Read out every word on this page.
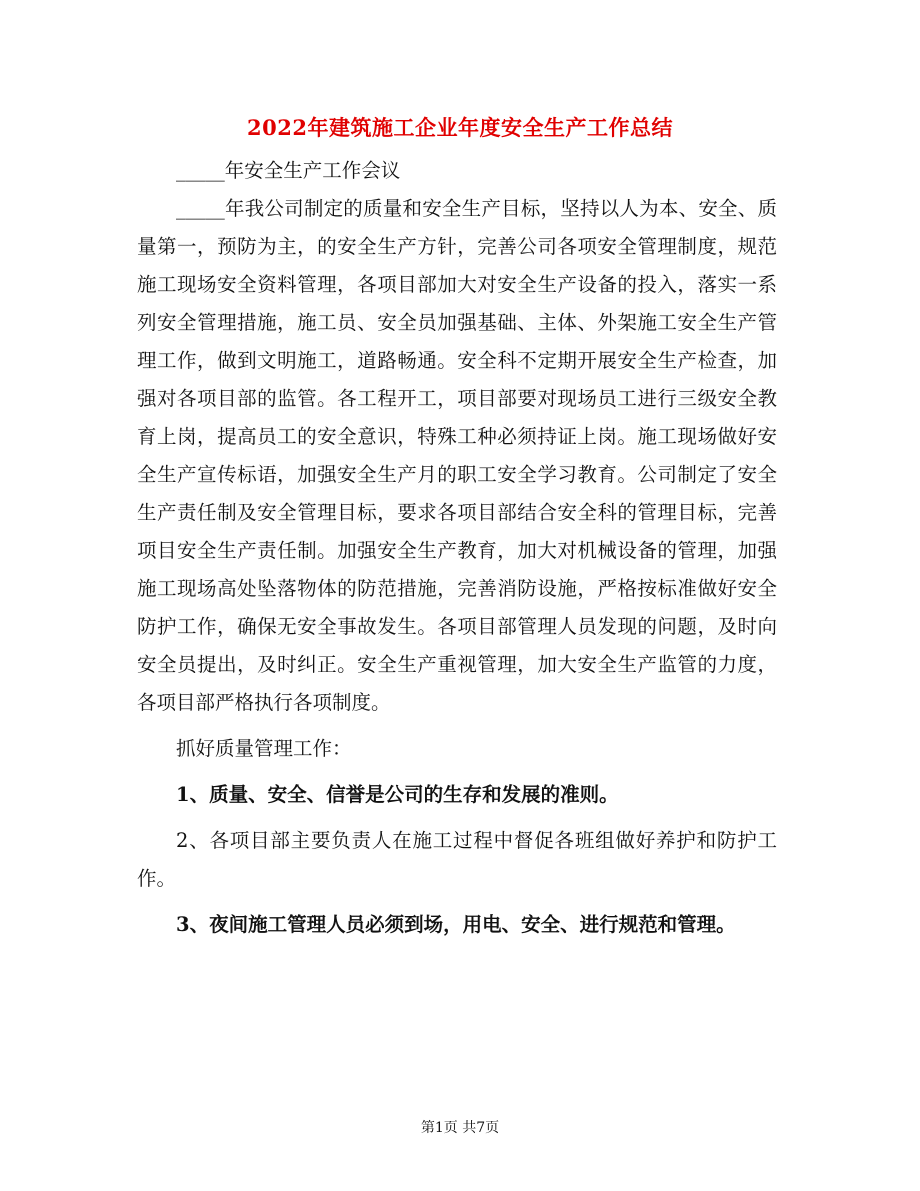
2022年建筑施工企业年度安全生产工作总结

_____年安全生产工作会议

_____年我公司制定的质量和安全生产目标，坚持以人为本、安全、质量第一，预防为主，的安全生产方针，完善公司各项安全管理制度，规范施工现场安全资料管理，各项目部加大对安全生产设备的投入，落实一系列安全管理措施，施工员、安全员加强基础、主体、外架施工安全生产管理工作，做到文明施工，道路畅通。安全科不定期开展安全生产检查，加强对各项目部的监管。各工程开工，项目部要对现场员工进行三级安全教育上岗，提高员工的安全意识，特殊工种必须持证上岗。施工现场做好安全生产宣传标语，加强安全生产月的职工安全学习教育。公司制定了安全生产责任制及安全管理目标，要求各项目部结合安全科的管理目标，完善项目安全生产责任制。加强安全生产教育，加大对机械设备的管理，加强施工现场高处坠落物体的防范措施，完善消防设施，严格按标准做好安全防护工作，确保无安全事故发生。各项目部管理人员发现的问题，及时向安全员提出，及时纠正。安全生产重视管理，加大安全生产监管的力度，各项目部严格执行各项制度。

抓好质量管理工作：

1、质量、安全、信誉是公司的生存和发展的准则。

2、各项目部主要负责人在施工过程中督促各班组做好养护和防护工作。

3、夜间施工管理人员必须到场，用电、安全、进行规范和管理。

第1页 共7页
